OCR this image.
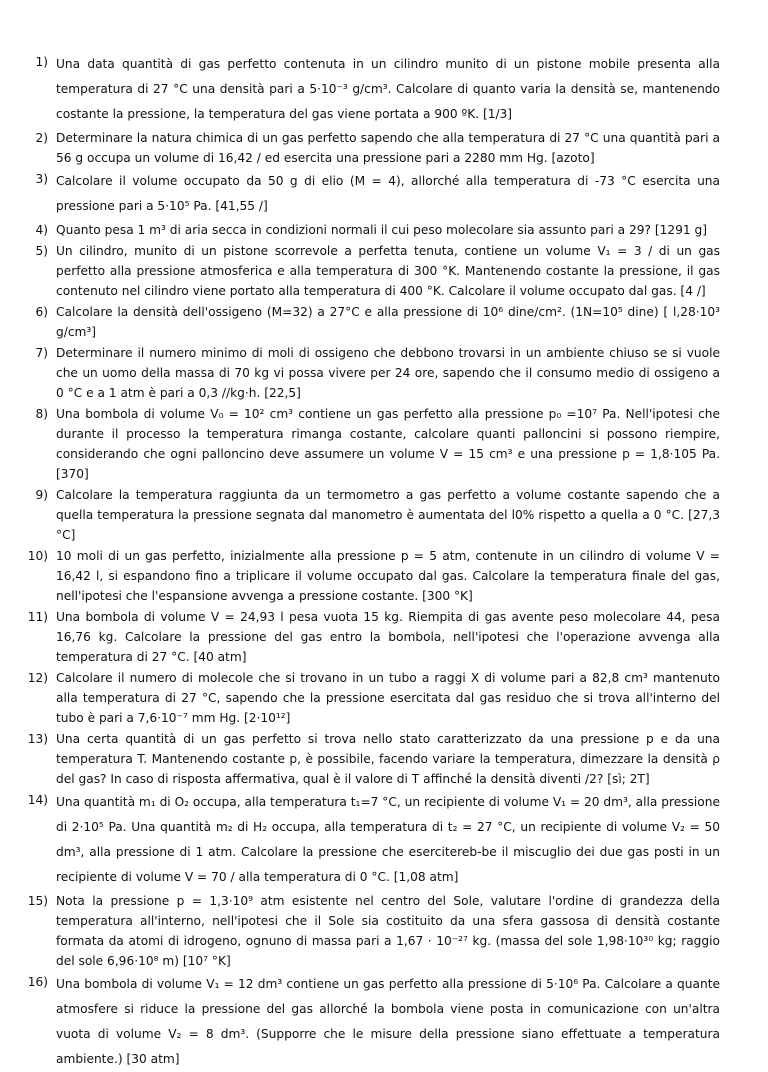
1) Una data quantità di gas perfetto contenuta in un cilindro munito di un pistone mobile presenta alla temperatura di 27 °C una densità pari a 5·10⁻³ g/cm³. Calcolare di quanto varia la densità se, mantenendo costante la pressione, la temperatura del gas viene portata a 900 ºK. [1/3]
2) Determinare la natura chimica di un gas perfetto sapendo che alla temperatura di 27 °C una quantità pari a 56 g occupa un volume di 16,42 / ed esercita una pressione pari a 2280 mm Hg. [azoto]
3) Calcolare il volume occupato da 50 g di elio (M = 4), allorché alla temperatura di -73 °C esercita una pressione pari a 5·10⁵ Pa. [41,55 /]
4) Quanto pesa 1 m³ di aria secca in condizioni normali il cui peso molecolare sia assunto pari a 29? [1291 g]
5) Un cilindro, munito di un pistone scorrevole a perfetta tenuta, contiene un volume V₁ = 3 / di un gas perfetto alla pressione atmosferica e alla temperatura di 300 °K. Mantenendo costante la pressione, il gas contenuto nel cilindro viene portato alla temperatura di 400 °K. Calcolare il volume occupato dal gas. [4 /]
6) Calcolare la densità dell'ossigeno (M=32) a 27°C e alla pressione di 10⁶ dine/cm². (1N=10⁵ dine) [ l,28·10³ g/cm³]
7) Determinare il numero minimo di moli di ossigeno che debbono trovarsi in un ambiente chiuso se si vuole che un uomo della massa di 70 kg vi possa vivere per 24 ore, sapendo che il consumo medio di ossigeno a 0 °C e a 1 atm è pari a 0,3 //kg·h. [22,5]
8) Una bombola di volume V₀ = 10² cm³ contiene un gas perfetto alla pressione p₀ =10⁷ Pa. Nell'ipotesi che durante il processo la temperatura rimanga costante, calcolare quanti palloncini si possono riempire, considerando che ogni palloncino deve assumere un volume V = 15 cm³ e una pressione p = 1,8·105 Pa. [370]
9) Calcolare la temperatura raggiunta da un termometro a gas perfetto a volume costante sapendo che a quella temperatura la pressione segnata dal manometro è aumentata del l0% rispetto a quella a 0 °C. [27,3 °C]
10) 10 moli di un gas perfetto, inizialmente alla pressione p = 5 atm, contenute in un cilindro di volume V = 16,42 l, si espandono fino a triplicare il volume occupato dal gas. Calcolare la temperatura finale del gas, nell'ipotesi che l'espansione avvenga a pressione costante. [300 °K]
11) Una bombola di volume V = 24,93 l pesa vuota 15 kg. Riempita di gas avente peso molecolare 44, pesa 16,76 kg. Calcolare la pressione del gas entro la bombola, nell'ipotesi che l'operazione avvenga alla temperatura di 27 °C. [40 atm]
12) Calcolare il numero di molecole che si trovano in un tubo a raggi X di volume pari a 82,8 cm³ mantenuto alla temperatura di 27 °C, sapendo che la pressione esercitata dal gas residuo che si trova all'interno del tubo è pari a 7,6·10⁻⁷ mm Hg. [2·10¹²]
13) Una certa quantità di un gas perfetto si trova nello stato caratterizzato da una pressione p e da una temperatura T. Mantenendo costante p, è possibile, facendo variare la temperatura, dimezzare la densità ρ del gas? In caso di risposta affermativa, qual è il valore di T affinché la densità diventi /2? [sì; 2T]
14) Una quantità m₁ di O₂ occupa, alla temperatura t₁=7 °C, un recipiente di volume V₁ = 20 dm³, alla pressione di 2·10⁵ Pa. Una quantità m₂ di H₂ occupa, alla temperatura di t₂ = 27 °C, un recipiente di volume V₂ = 50 dm³, alla pressione di 1 atm. Calcolare la pressione che esercitereb-be il miscuglio dei due gas posti in un recipiente di volume V = 70 / alla temperatura di 0 °C. [1,08 atm]
15) Nota la pressione p = 1,3·10⁹ atm esistente nel centro del Sole, valutare l'ordine di grandezza della temperatura all'interno, nell'ipotesi che il Sole sia costituito da una sfera gassosa di densità costante formata da atomi di idrogeno, ognuno di massa pari a 1,67 · 10⁻²⁷ kg. (massa del sole 1,98·10³⁰ kg; raggio del sole 6,96·10⁸ m) [10⁷ °K]
16) Una bombola di volume V₁ = 12 dm³ contiene un gas perfetto alla pressione di 5·10⁶ Pa. Calcolare a quante atmosfere si riduce la pressione del gas allorché la bombola viene posta in comunicazione con un'altra vuota di volume V₂ = 8 dm³. (Supporre che le misure della pressione siano effettuate a temperatura ambiente.) [30 atm]
